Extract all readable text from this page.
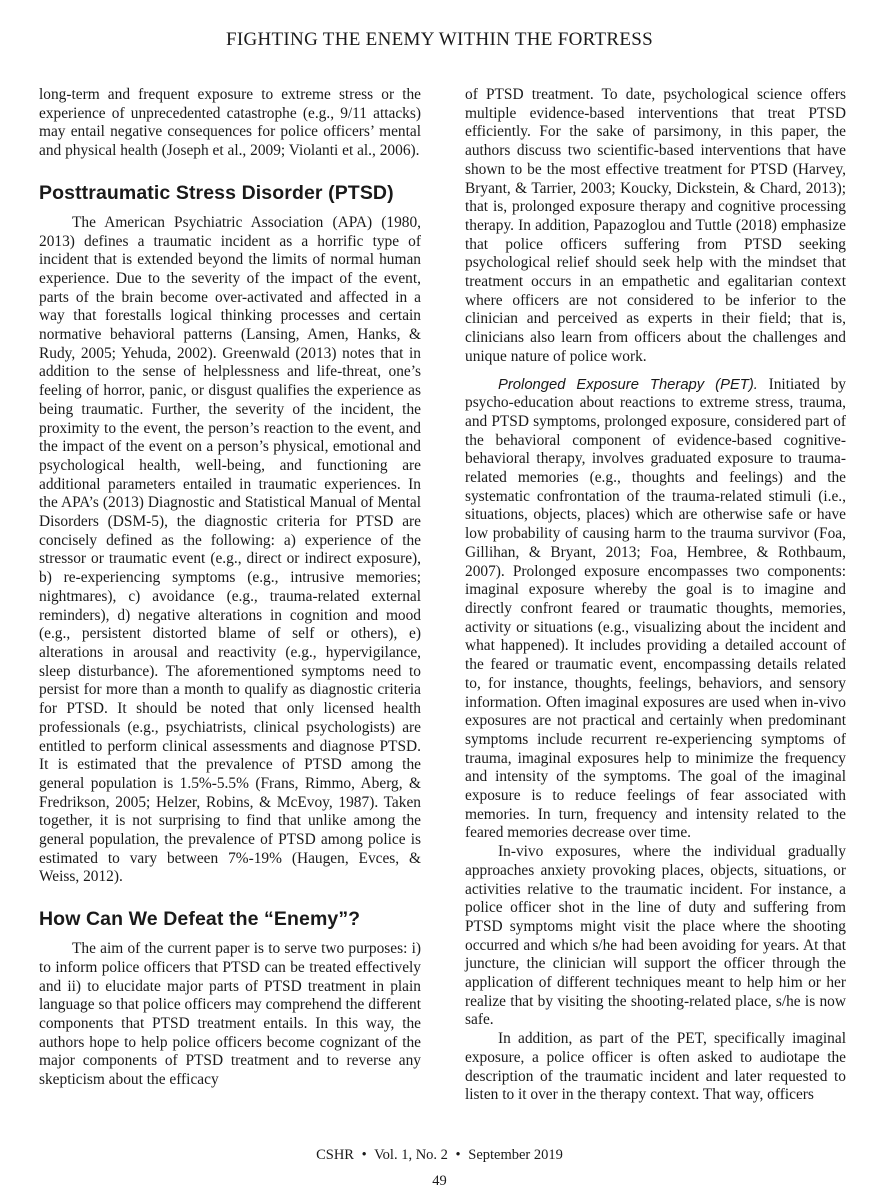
FIGHTING THE ENEMY WITHIN THE FORTRESS

long-term and frequent exposure to extreme stress or the experience of unprecedented catastrophe (e.g., 9/11 attacks) may entail negative consequences for police officers’ mental and physical health (Joseph et al., 2009; Violanti et al., 2006).

Posttraumatic Stress Disorder (PTSD)

The American Psychiatric Association (APA) (1980, 2013) defines a traumatic incident as a horrific type of incident that is extended beyond the limits of normal human experience. Due to the severity of the impact of the event, parts of the brain become over-activated and affected in a way that forestalls logical thinking processes and certain normative behavioral patterns (Lansing, Amen, Hanks, & Rudy, 2005; Yehuda, 2002). Greenwald (2013) notes that in addition to the sense of helplessness and life-threat, one’s feeling of horror, panic, or disgust qualifies the experience as being traumatic. Further, the severity of the incident, the proximity to the event, the person’s reaction to the event, and the impact of the event on a person’s physical, emotional and psychological health, well-being, and functioning are additional parameters entailed in traumatic experiences. In the APA’s (2013) Diagnostic and Statistical Manual of Mental Disorders (DSM-5), the diagnostic criteria for PTSD are concisely defined as the following: a) experience of the stressor or traumatic event (e.g., direct or indirect exposure), b) re-experiencing symptoms (e.g., intrusive memories; nightmares), c) avoidance (e.g., trauma-related external reminders), d) negative alterations in cognition and mood (e.g., persistent distorted blame of self or others), e) alterations in arousal and reactivity (e.g., hypervigilance, sleep disturbance). The aforementioned symptoms need to persist for more than a month to qualify as diagnostic criteria for PTSD. It should be noted that only licensed health professionals (e.g., psychiatrists, clinical psychologists) are entitled to perform clinical assessments and diagnose PTSD. It is estimated that the prevalence of PTSD among the general population is 1.5%-5.5% (Frans, Rimmo, Aberg, & Fredrikson, 2005; Helzer, Robins, & McEvoy, 1987). Taken together, it is not surprising to find that unlike among the general population, the prevalence of PTSD among police is estimated to vary between 7%-19% (Haugen, Evces, & Weiss, 2012).

How Can We Defeat the “Enemy”?

The aim of the current paper is to serve two purposes: i) to inform police officers that PTSD can be treated effectively and ii) to elucidate major parts of PTSD treatment in plain language so that police officers may comprehend the different components that PTSD treatment entails. In this way, the authors hope to help police officers become cognizant of the major components of PTSD treatment and to reverse any skepticism about the efficacy

of PTSD treatment. To date, psychological science offers multiple evidence-based interventions that treat PTSD efficiently. For the sake of parsimony, in this paper, the authors discuss two scientific-based interventions that have shown to be the most effective treatment for PTSD (Harvey, Bryant, & Tarrier, 2003; Koucky, Dickstein, & Chard, 2013); that is, prolonged exposure therapy and cognitive processing therapy. In addition, Papazoglou and Tuttle (2018) emphasize that police officers suffering from PTSD seeking psychological relief should seek help with the mindset that treatment occurs in an empathetic and egalitarian context where officers are not considered to be inferior to the clinician and perceived as experts in their field; that is, clinicians also learn from officers about the challenges and unique nature of police work.

Prolonged Exposure Therapy (PET). Initiated by psycho-education about reactions to extreme stress, trauma, and PTSD symptoms, prolonged exposure, considered part of the behavioral component of evidence-based cognitive-behavioral therapy, involves graduated exposure to trauma-related memories (e.g., thoughts and feelings) and the systematic confrontation of the trauma-related stimuli (i.e., situations, objects, places) which are otherwise safe or have low probability of causing harm to the trauma survivor (Foa, Gillihan, & Bryant, 2013; Foa, Hembree, & Rothbaum, 2007). Prolonged exposure encompasses two components: imaginal exposure whereby the goal is to imagine and directly confront feared or traumatic thoughts, memories, activity or situations (e.g., visualizing about the incident and what happened). It includes providing a detailed account of the feared or traumatic event, encompassing details related to, for instance, thoughts, feelings, behaviors, and sensory information. Often imaginal exposures are used when in-vivo exposures are not practical and certainly when predominant symptoms include recurrent re-experiencing symptoms of trauma, imaginal exposures help to minimize the frequency and intensity of the symptoms. The goal of the imaginal exposure is to reduce feelings of fear associated with memories. In turn, frequency and intensity related to the feared memories decrease over time.

In-vivo exposures, where the individual gradually approaches anxiety provoking places, objects, situations, or activities relative to the traumatic incident. For instance, a police officer shot in the line of duty and suffering from PTSD symptoms might visit the place where the shooting occurred and which s/he had been avoiding for years. At that juncture, the clinician will support the officer through the application of different techniques meant to help him or her realize that by visiting the shooting-related place, s/he is now safe.

In addition, as part of the PET, specifically imaginal exposure, a police officer is often asked to audiotape the description of the traumatic incident and later requested to listen to it over in the therapy context. That way, officers

CSHR • Vol. 1, No. 2 • September 2019
49
